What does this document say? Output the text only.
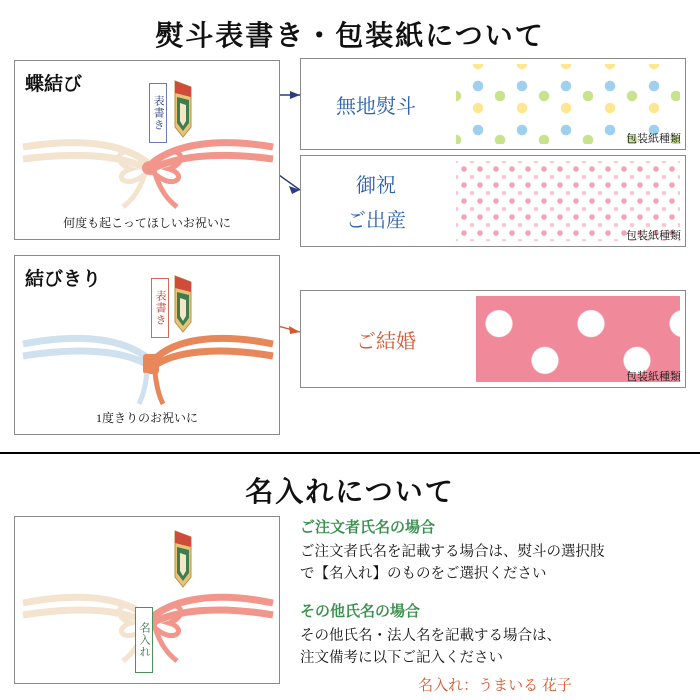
熨斗表書き・包装紙について
蝶結び
表書き
何度も起こってほしいお祝いに
結びきり
表書き
1度きりのお祝いに
無地熨斗
包装紙種類
御祝
ご出産
包装紙種類
ご結婚
包装紙種類
名入れについて
名入れ
ご注文者氏名の場合
ご注文者氏名を記載する場合は、熨斗の選択肢
で【名入れ】のものをご選択ください
その他氏名の場合
その他氏名・法人名を記載する場合は、
注文備考に以下ご記入ください
名入れ：うまいる 花子
